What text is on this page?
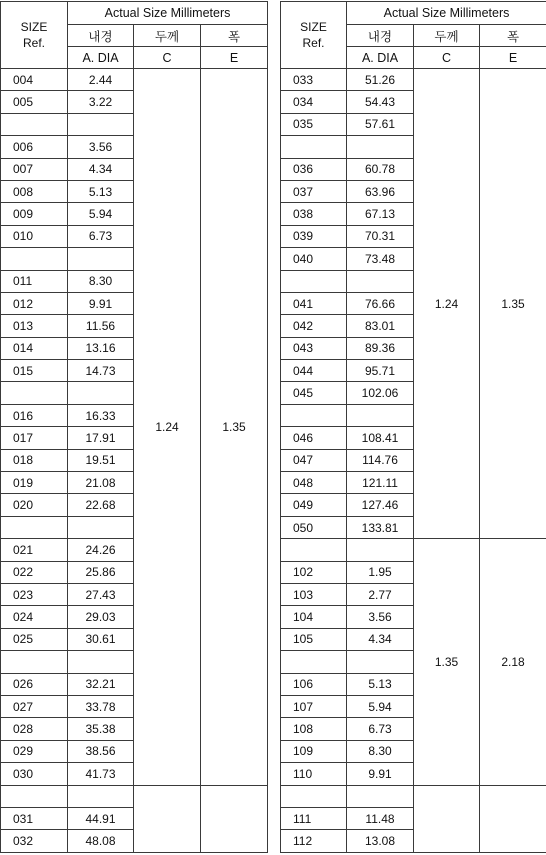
SIZE
Ref.	Actual Size Millimeters		
	내경	두께	폭
	A. DIA	C	E
004	2.44	1.24	1.35
005	3.22		

006	3.56		
007	4.34		
008	5.13		
009	5.94		
010	6.73		

011	8.30		
012	9.91		
013	11.56		
014	13.16		
015	14.73		

016	16.33		
017	17.91		
018	19.51		
019	21.08		
020	22.68		

021	24.26		
022	25.86		
023	27.43		
024	29.03		
025	30.61		

026	32.21		
027	33.78		
028	35.38		
029	38.56		
030	41.73		

031	44.91		
032	48.08		
SIZE
Ref.	Actual Size Millimeters		
	내경	두께	폭
	A. DIA	C	E
033	51.26	1.24	1.35
034	54.43		
035	57.61		

036	60.78		
037	63.96		
038	67.13		
039	70.31		
040	73.48		

041	76.66		
042	83.01		
043	89.36		
044	95.71		
045	102.06		

046	108.41		
047	114.76		
048	121.11		
049	127.46		
050	133.81		
		1.35	2.18
102	1.95		
103	2.77		
104	3.56		
105	4.34		

106	5.13		
107	5.94		
108	6.73		
109	8.30		
110	9.91		

111	11.48		
112	13.08		
